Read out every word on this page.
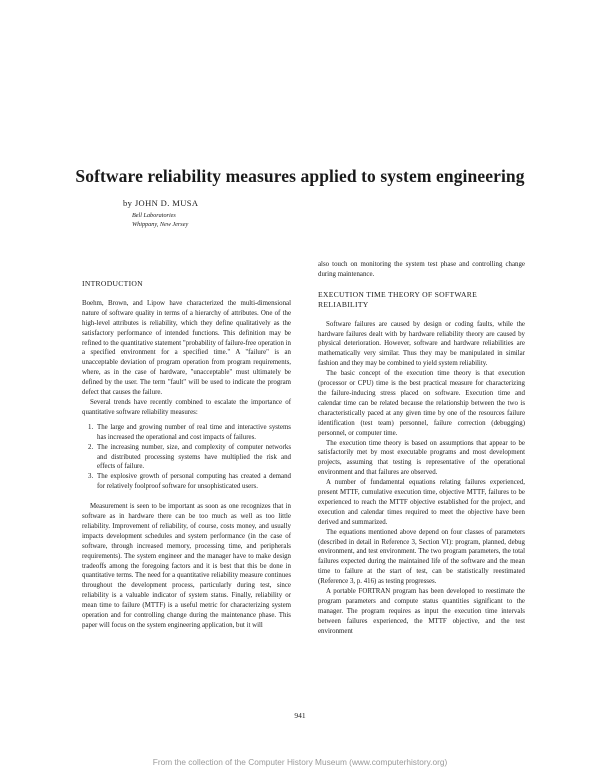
Software reliability measures applied to system engineering
by JOHN D. MUSA
Bell Laboratories
Whippany, New Jersey

INTRODUCTION

Boehm, Brown, and Lipow have characterized the multi-dimensional nature of software quality in terms of a hierarchy of attributes. One of the high-level attributes is reliability, which they define qualitatively as the satisfactory performance of intended functions. This definition may be refined to the quantitative statement "probability of failure-free operation in a specified environment for a specified time." A "failure" is an unacceptable deviation of program operation from program requirements, where, as in the case of hardware, "unacceptable" must ultimately be defined by the user. The term "fault" will be used to indicate the program defect that causes the failure.

Several trends have recently combined to escalate the importance of quantitative software reliability measures:

1. The large and growing number of real time and interactive systems has increased the operational and cost impacts of failures.
2. The increasing number, size, and complexity of computer networks and distributed processing systems have multiplied the risk and effects of failure.
3. The explosive growth of personal computing has created a demand for relatively foolproof software for unsophisticated users.

Measurement is seen to be important as soon as one recognizes that in software as in hardware there can be too much as well as too little reliability. Improvement of reliability, of course, costs money, and usually impacts development schedules and system performance (in the case of software, through increased memory, processing time, and peripherals requirements). The system engineer and the manager have to make design tradeoffs among the foregoing factors and it is best that this be done in quantitative terms. The need for a quantitative reliability measure continues throughout the development process, particularly during test, since reliability is a valuable indicator of system status. Finally, reliability or mean time to failure (MTTF) is a useful metric for characterizing system operation and for controlling change during the maintenance phase. This paper will focus on the system engineering application, but it will

also touch on monitoring the system test phase and controlling change during maintenance.

EXECUTION TIME THEORY OF SOFTWARE RELIABILITY

Software failures are caused by design or coding faults, while the hardware failures dealt with by hardware reliability theory are caused by physical deterioration. However, software and hardware reliabilities are mathematically very similar. Thus they may be manipulated in similar fashion and they may be combined to yield system reliability.

The basic concept of the execution time theory is that execution (processor or CPU) time is the best practical measure for characterizing the failure-inducing stress placed on software. Execution time and calendar time can be related because the relationship between the two is characteristically paced at any given time by one of the resources failure identification (test team) personnel, failure correction (debugging) personnel, or computer time.

The execution time theory is based on assumptions that appear to be satisfactorily met by most executable programs and most development projects, assuming that testing is representative of the operational environment and that failures are observed.

A number of fundamental equations relating failures experienced, present MTTF, cumulative execution time, objective MTTF, failures to be experienced to reach the MTTF objective established for the project, and execution and calendar times required to meet the objective have been derived and summarized.

The equations mentioned above depend on four classes of parameters (described in detail in Reference 3, Section VI): program, planned, debug environment, and test environment. The two program parameters, the total failures expected during the maintained life of the software and the mean time to failure at the start of test, can be statistically reestimated (Reference 3, p. 416) as testing progresses.

A portable FORTRAN program has been developed to reestimate the program parameters and compute status quantities significant to the manager. The program requires as input the execution time intervals between failures experienced, the MTTF objective, and the test environment

941
From the collection of the Computer History Museum (www.computerhistory.org)
